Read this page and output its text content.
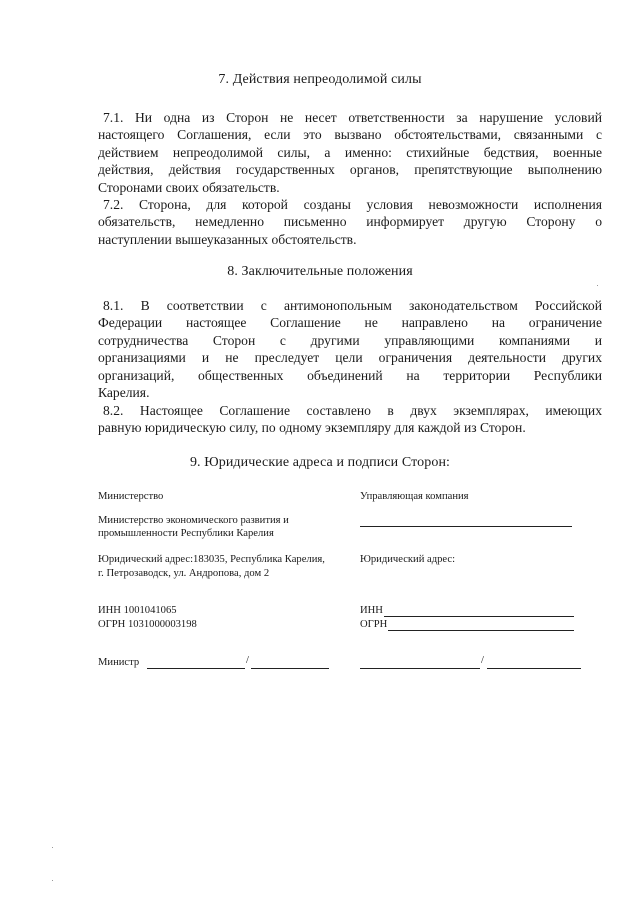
7. Действия непреодолимой силы
7.1. Ни одна из Сторон не несет ответственности за нарушение условий
настоящего Соглашения, если это вызвано обстоятельствами, связанными с
действием непреодолимой силы, а именно: стихийные бедствия, военные
действия, действия государственных органов, препятствующие выполнению
Сторонами своих обязательств.
7.2. Сторона, для которой созданы условия невозможности исполнения
обязательств, немедленно письменно информирует другую Сторону о
наступлении вышеуказанных обстоятельств.
8. Заключительные положения
8.1. В соответствии с антимонопольным законодательством Российской
Федерации настоящее Соглашение не направлено на ограничение
сотрудничества Сторон с другими управляющими компаниями и
организациями и не преследует цели ограничения деятельности других
организаций, общественных объединений на территории Республики
Карелия.
8.2. Настоящее Соглашение составлено в двух экземплярах, имеющих
равную юридическую силу, по одному экземпляру для каждой из Сторон.
9. Юридические адреса и подписи Сторон:
Министерство
Министерство экономического развития и
промышленности Республики Карелия
Юридический адрес:183035, Республика Карелия,
г. Петрозаводск, ул. Андропова, дом 2
ИНН 1001041065
ОГРН 1031000003198
Министр	/
Управляющая компания
Юридический адрес:
ИНН
ОГРН
/
